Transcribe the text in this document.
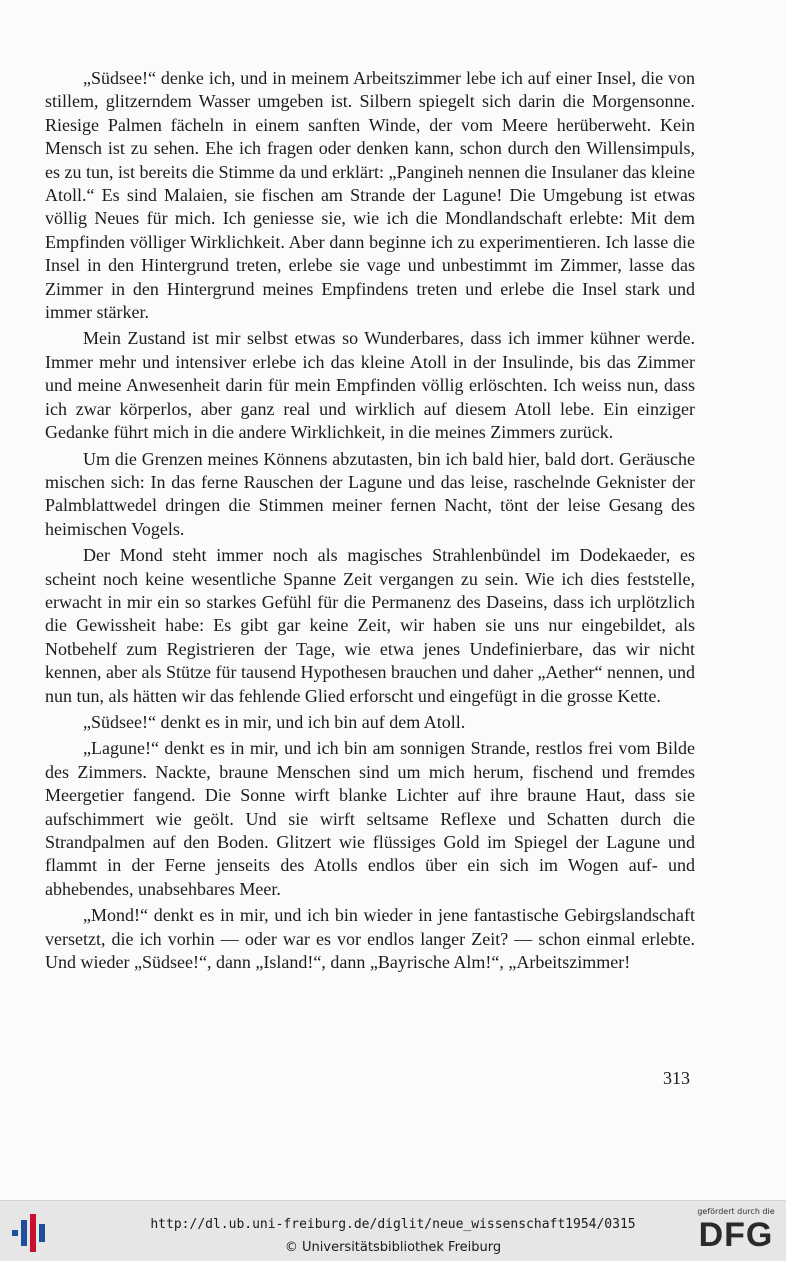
„Südsee!“ denke ich, und in meinem Arbeitszimmer lebe ich auf einer Insel, die von stillem, glitzerndem Wasser umgeben ist. Silbern spiegelt sich darin die Morgensonne. Riesige Palmen fächeln in einem sanften Winde, der vom Meere herüberweht. Kein Mensch ist zu sehen. Ehe ich fragen oder denken kann, schon durch den Willensimpuls, es zu tun, ist bereits die Stimme da und erklärt: „Pangineh nennen die Insulaner das kleine Atoll.“ Es sind Malaien, sie fischen am Strande der Lagune! Die Umgebung ist etwas völlig Neues für mich. Ich geniesse sie, wie ich die Mondlandschaft erlebte: Mit dem Empfinden völliger Wirklichkeit. Aber dann beginne ich zu experimentieren. Ich lasse die Insel in den Hintergrund treten, erlebe sie vage und unbestimmt im Zimmer, lasse das Zimmer in den Hintergrund meines Empfindens treten und erlebe die Insel stark und immer stärker.

Mein Zustand ist mir selbst etwas so Wunderbares, dass ich immer kühner werde. Immer mehr und intensiver erlebe ich das kleine Atoll in der Insulinde, bis das Zimmer und meine Anwesenheit darin für mein Empfinden völlig erlöschten. Ich weiss nun, dass ich zwar körperlos, aber ganz real und wirklich auf diesem Atoll lebe. Ein einziger Gedanke führt mich in die andere Wirklichkeit, in die meines Zimmers zurück.

Um die Grenzen meines Könnens abzutasten, bin ich bald hier, bald dort. Geräusche mischen sich: In das ferne Rauschen der Lagune und das leise, raschelnde Geknister der Palmblattwedel dringen die Stimmen meiner fernen Nacht, tönt der leise Gesang des heimischen Vogels.

Der Mond steht immer noch als magisches Strahlenbündel im Dodekaeder, es scheint noch keine wesentliche Spanne Zeit vergangen zu sein. Wie ich dies feststelle, erwacht in mir ein so starkes Gefühl für die Permanenz des Daseins, dass ich urplötzlich die Gewissheit habe: Es gibt gar keine Zeit, wir haben sie uns nur eingebildet, als Notbehelf zum Registrieren der Tage, wie etwa jenes Undefinierbare, das wir nicht kennen, aber als Stütze für tausend Hypothesen brauchen und daher „Aether“ nennen, und nun tun, als hätten wir das fehlende Glied erforscht und eingefügt in die grosse Kette.

„Südsee!“ denkt es in mir, und ich bin auf dem Atoll.

„Lagune!“ denkt es in mir, und ich bin am sonnigen Strande, restlos frei vom Bilde des Zimmers. Nackte, braune Menschen sind um mich herum, fischend und fremdes Meergetier fangend. Die Sonne wirft blanke Lichter auf ihre braune Haut, dass sie aufschimmert wie geölt. Und sie wirft seltsame Reflexe und Schatten durch die Strandpalmen auf den Boden. Glitzert wie flüssiges Gold im Spiegel der Lagune und flammt in der Ferne jenseits des Atolls endlos über ein sich im Wogen auf- und abhebendes, unabsehbares Meer.

„Mond!“ denkt es in mir, und ich bin wieder in jene fantastische Gebirgslandschaft versetzt, die ich vorhin — oder war es vor endlos langer Zeit? — schon einmal erlebte. Und wieder „Südsee!“, dann „Island!“, dann „Bayrische Alm!“, „Arbeitszimmer!

313
http://dl.ub.uni-freiburg.de/diglit/neue_wissenschaft1954/0315
© Universitätsbibliothek Freiburg
gefördert durch die
DFG
